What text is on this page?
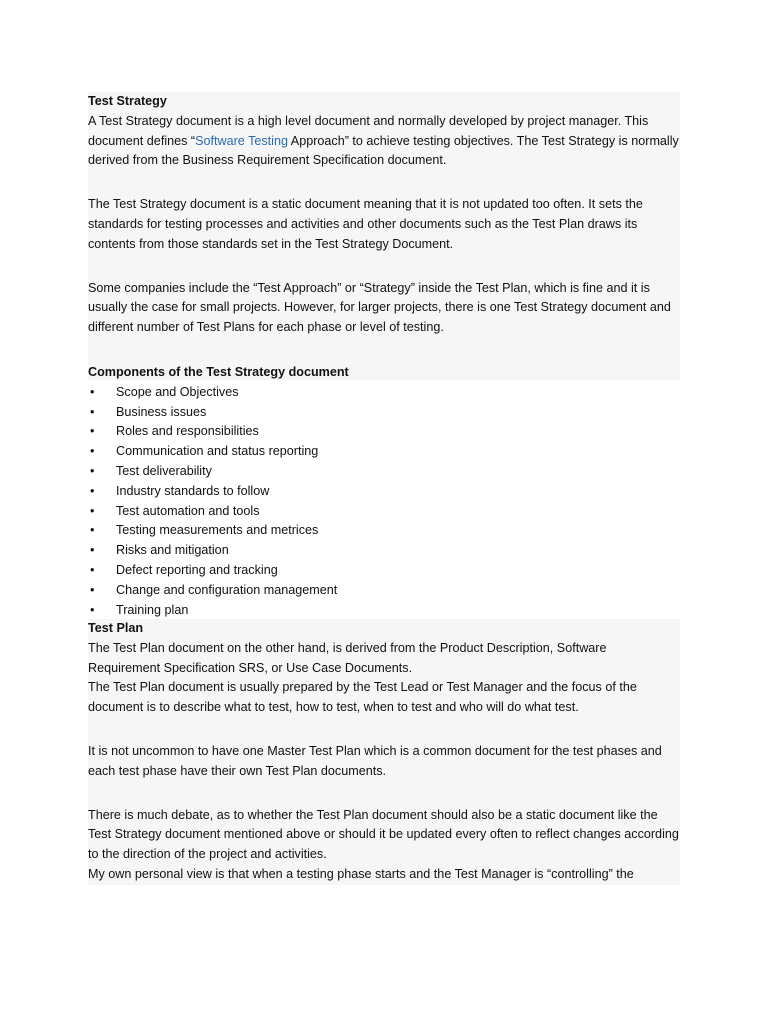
Test Strategy

A Test Strategy document is a high level document and normally developed by project manager. This document defines “Software Testing Approach” to achieve testing objectives. The Test Strategy is normally derived from the Business Requirement Specification document.

The Test Strategy document is a static document meaning that it is not updated too often. It sets the standards for testing processes and activities and other documents such as the Test Plan draws its contents from those standards set in the Test Strategy Document.

Some companies include the “Test Approach” or “Strategy” inside the Test Plan, which is fine and it is usually the case for small projects. However, for larger projects, there is one Test Strategy document and different number of Test Plans for each phase or level of testing.

Components of the Test Strategy document

• Scope and Objectives
• Business issues
• Roles and responsibilities
• Communication and status reporting
• Test deliverability
• Industry standards to follow
• Test automation and tools
• Testing measurements and metrices
• Risks and mitigation
• Defect reporting and tracking
• Change and configuration management
• Training plan

Test Plan

The Test Plan document on the other hand, is derived from the Product Description, Software Requirement Specification SRS, or Use Case Documents.

The Test Plan document is usually prepared by the Test Lead or Test Manager and the focus of the document is to describe what to test, how to test, when to test and who will do what test.

It is not uncommon to have one Master Test Plan which is a common document for the test phases and each test phase have their own Test Plan documents.

There is much debate, as to whether the Test Plan document should also be a static document like the Test Strategy document mentioned above or should it be updated every often to reflect changes according to the direction of the project and activities.

My own personal view is that when a testing phase starts and the Test Manager is “controlling” the
